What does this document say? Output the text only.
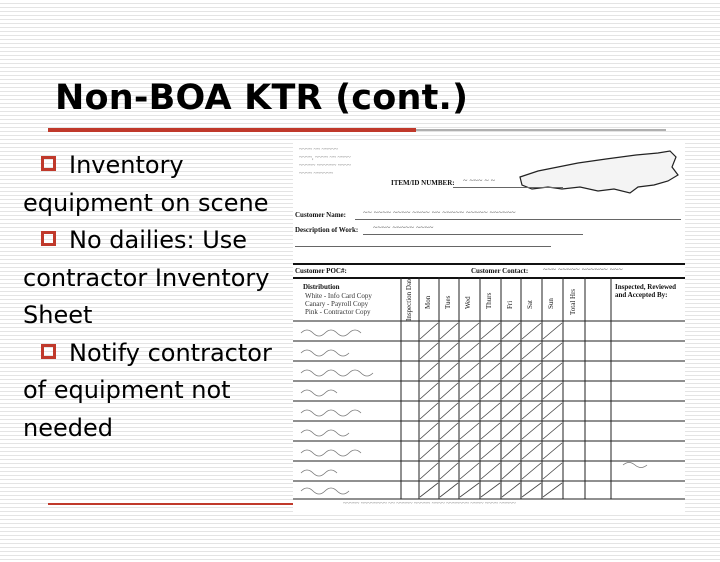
Non-BOA KTR (cont.)
Inventory equipment on scene
No dailies: Use contractor Inventory Sheet
Notify contractor of equipment not needed
~~~~ ~~ ~~~~~
~~~~, ~~~~ ~~ ~~~~
~~~~~ ~~~~~~ ~~~~
~~~~ ~~~~~~
ITEM/ID NUMBER: ~ ~~~ ~ ~
Customer Name: ~~ ~~~~ ~~~~ ~~~~ ~~ ~~~~~ ~~~~~ ~~~~~~
Description of Work: ~~~~ ~~~~~ ~~~~
Customer POC#:	Customer Contact: ~~~ ~~~~~ ~~~~~~ ~~~
Distribution
White - Info Card Copy
Canary - Payroll Copy
Pink - Contractor Copy	Inspection Date Mon Tues Wed Thurs Fri Sat Sun Total Hrs
Inspected, Reviewed and Accepted By:
~~~~~ ~~~~~~~~ ~~ ~~~~~ ~~~~~ ~~~~ ~~~~~~~ ~~~~ ~~~~ ~~~~~
